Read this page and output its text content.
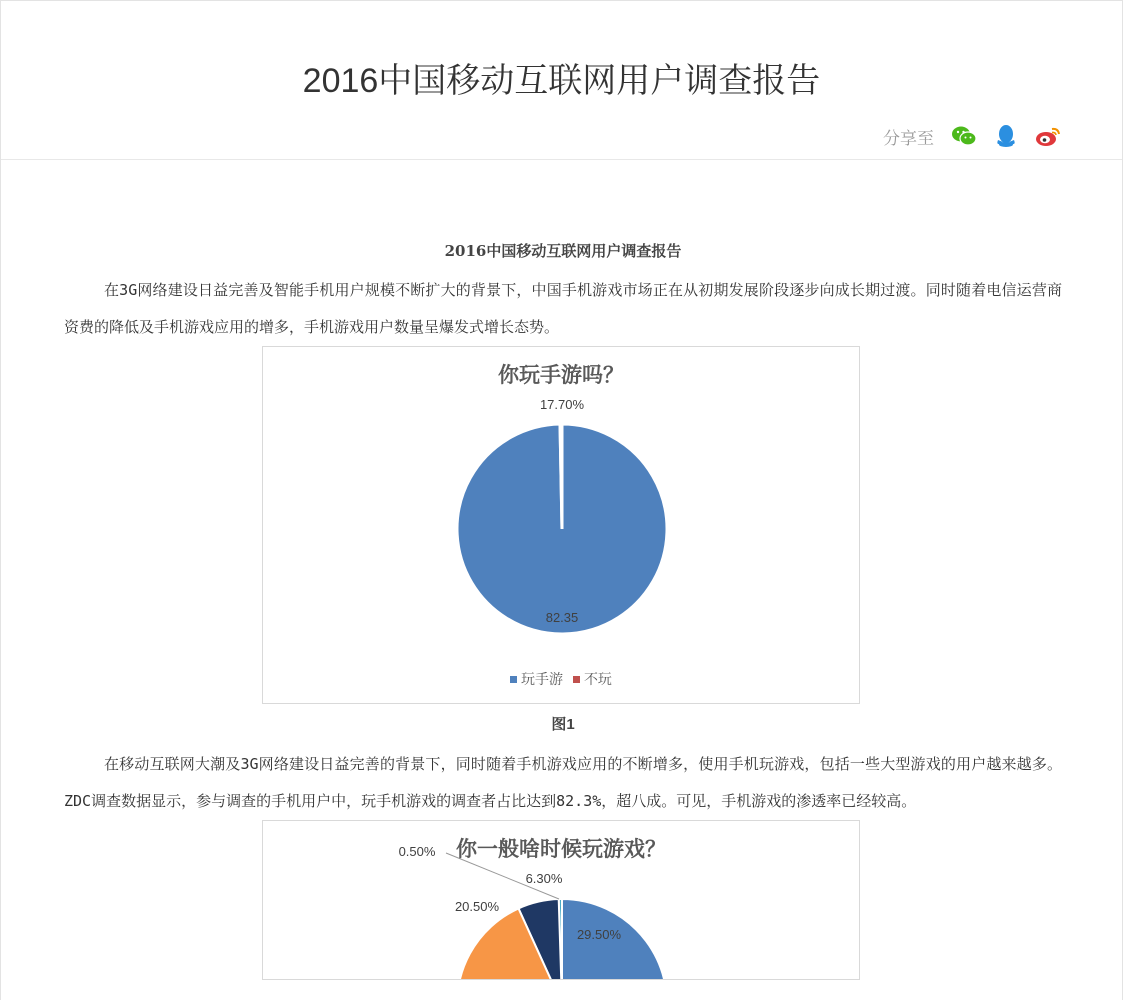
2016中国移动互联网用户调查报告
分享至
2016中国移动互联网用户调查报告

在3G网络建设日益完善及智能手机用户规模不断扩大的背景下，中国手机游戏市场正在从初期发展阶段逐步向成长期过渡。同时随着电信运营商资费的降低及手机游戏应用的增多，手机游戏用户数量呈爆发式增长态势。

你玩手游吗？
82.35
17.70%
玩手游
不玩
图1

在移动互联网大潮及3G网络建设日益完善的背景下，同时随着手机游戏应用的不断增多，使用手机玩游戏，包括一些大型游戏的用户越来越多。ZDC调查数据显示，参与调查的手机用户中，玩手机游戏的调查者占比达到82.3%，超八成。可见，手机游戏的渗透率已经较高。

29.50%
20.50%
6.30%
0.50% 你一般啥时候玩游戏？
